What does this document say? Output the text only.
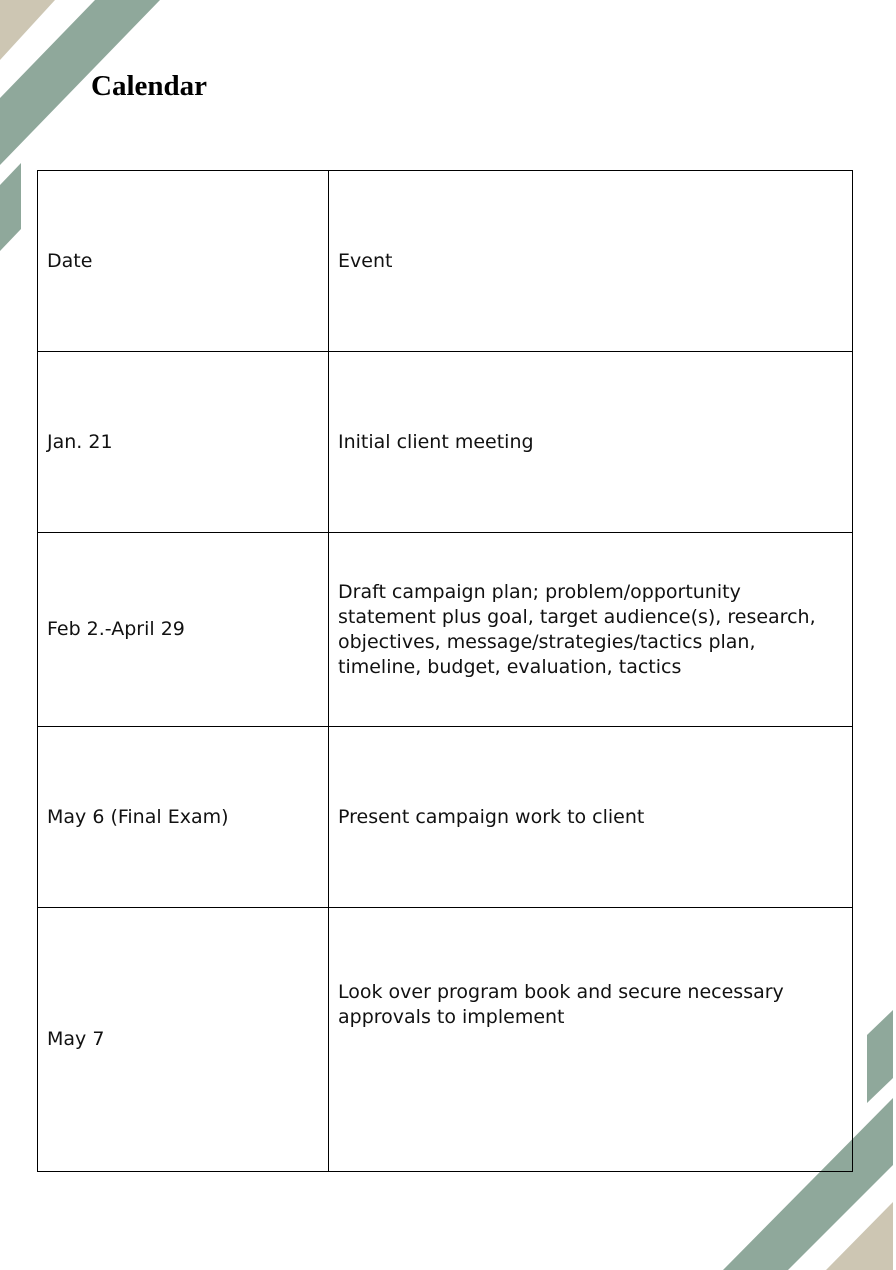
Calendar
Date	Event
Jan. 21	Initial client meeting
Feb 2.-April 29	Draft campaign plan; problem/opportunity statement plus goal, target audience(s), research, objectives, message/strategies/tactics plan, timeline, budget, evaluation, tactics
May 6 (Final Exam)	Present campaign work to client
May 7	Look over program book and secure necessary approvals to implement
